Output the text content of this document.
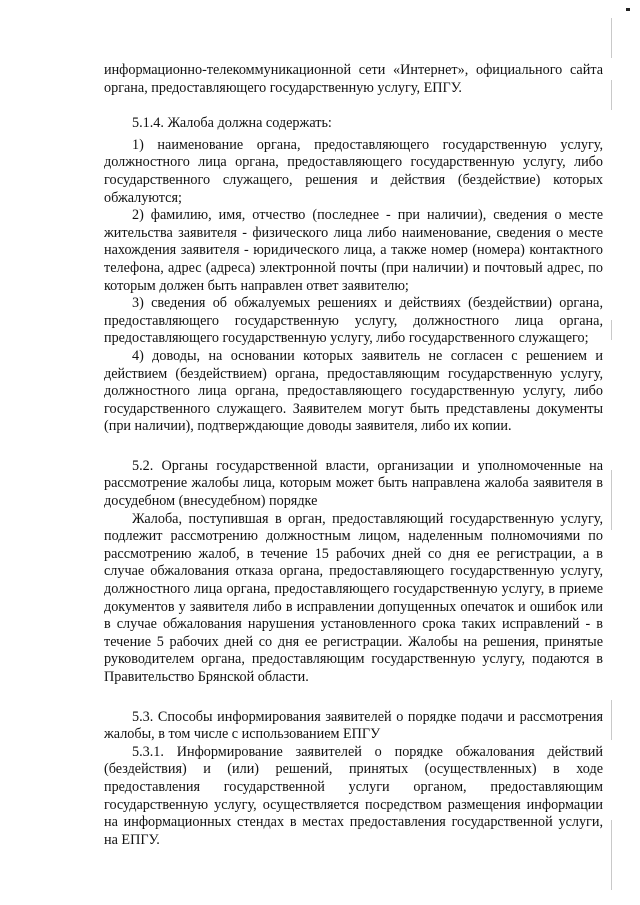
информационно-телекоммуникационной сети «Интернет», официального сайта органа, предоставляющего государственную услугу, ЕПГУ.

5.1.4. Жалоба должна содержать:

1) наименование органа, предоставляющего государственную услугу, должностного лица органа, предоставляющего государственную услугу, либо государственного служащего, решения и действия (бездействие) которых обжалуются;

2) фамилию, имя, отчество (последнее - при наличии), сведения о месте жительства заявителя - физического лица либо наименование, сведения о месте нахождения заявителя - юридического лица, а также номер (номера) контактного телефона, адрес (адреса) электронной почты (при наличии) и почтовый адрес, по которым должен быть направлен ответ заявителю;

3) сведения об обжалуемых решениях и действиях (бездействии) органа, предоставляющего государственную услугу, должностного лица органа, предоставляющего государственную услугу, либо государственного служащего;

4) доводы, на основании которых заявитель не согласен с решением и действием (бездействием) органа, предоставляющим государственную услугу, должностного лица органа, предоставляющего государственную услугу, либо государственного служащего. Заявителем могут быть представлены документы (при наличии), подтверждающие доводы заявителя, либо их копии.

5.2. Органы государственной власти, организации и уполномоченные на рассмотрение жалобы лица, которым может быть направлена жалоба заявителя в досудебном (внесудебном) порядке

Жалоба, поступившая в орган, предоставляющий государственную услугу, подлежит рассмотрению должностным лицом, наделенным полномочиями по рассмотрению жалоб, в течение 15 рабочих дней со дня ее регистрации, а в случае обжалования отказа органа, предоставляющего государственную услугу, должностного лица органа, предоставляющего государственную услугу, в приеме документов у заявителя либо в исправлении допущенных опечаток и ошибок или в случае обжалования нарушения установленного срока таких исправлений - в течение 5 рабочих дней со дня ее регистрации. Жалобы на решения, принятые руководителем органа, предоставляющим государственную услугу, подаются в Правительство Брянской области.

5.3. Способы информирования заявителей о порядке подачи и рассмотрения жалобы, в том числе с использованием ЕПГУ

5.3.1. Информирование заявителей о порядке обжалования действий (бездействия) и (или) решений, принятых (осуществленных) в ходе предоставления государственной услуги органом, предоставляющим государственную услугу, осуществляется посредством размещения информации на информационных стендах в местах предоставления государственной услуги, на ЕПГУ.
